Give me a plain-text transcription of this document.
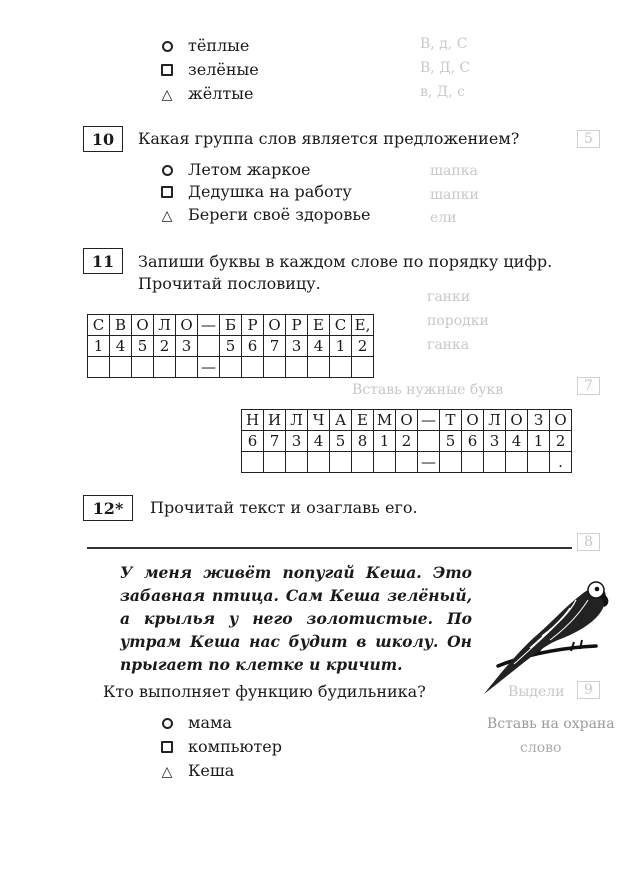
В, д, С
В, Д, С
в, Д, с
5
шапка
шапки
ели
ганки
породки
ганка
7
Вставь нужные букв
8
9
Выдели
Вставь на охрана
слово
тёплые
зелёные
△ жёлтые
10	Какая группа слов является предложением?
Летом жаркое
Дедушка на работу
△ Береги своё здоровье
11	Запиши буквы в каждом слове по порядку цифр.
Прочитай пословицу.
С	В	О	Л	О	—	Б	Р	О	Р	Е	С	Е,
1	4	5	2	3		5	6	7	3	4	1	2
					—							
Н	И	Л	Ч	А	Е	М	О	—	Т	О	Л	О	З	О
6	7	3	4	5	8	1	2		5	6	3	4	1	2
								—						.
12*	Прочитай текст и озаглавь его.
У меня живёт попугай Кеша. Это забавная птица. Сам Кеша зелёный, а крылья у него золотистые. По утрам Кеша нас будит в школу. Он прыгает по клетке и кричит.
Кто выполняет функцию будильника?
мама
компьютер
△ Кеша
